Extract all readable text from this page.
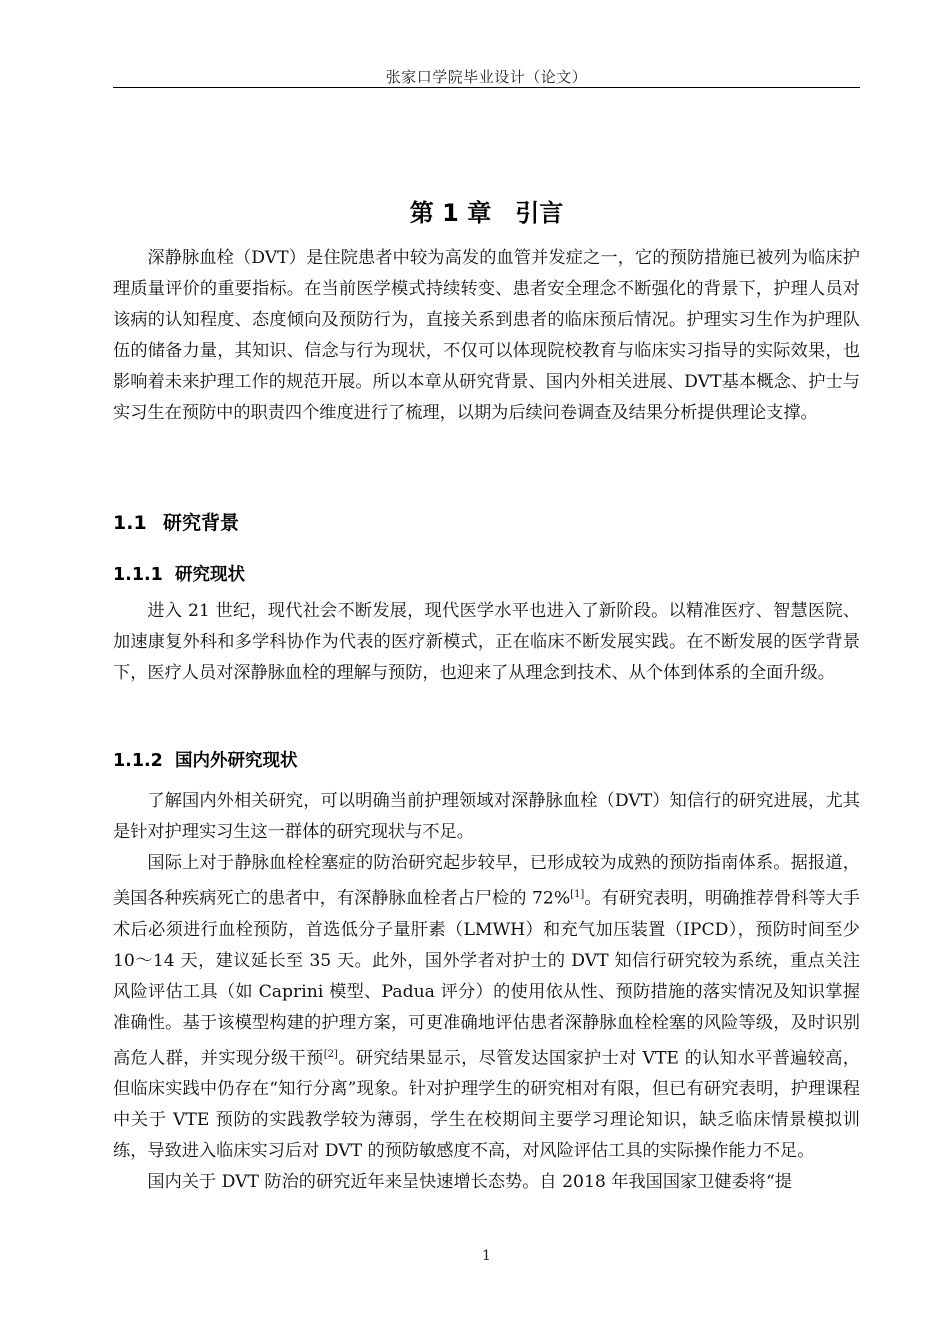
张家口学院毕业设计（论文）
第 1 章　引言

深静脉血栓（DVT）是住院患者中较为高发的血管并发症之一，它的预防措施已被列为临床护理质量评价的重要指标。在当前医学模式持续转变、患者安全理念不断强化的背景下，护理人员对该病的认知程度、态度倾向及预防行为，直接关系到患者的临床预后情况。护理实习生作为护理队伍的储备力量，其知识、信念与行为现状，不仅可以体现院校教育与临床实习指导的实际效果，也影响着未来护理工作的规范开展。所以本章从研究背景、国内外相关进展、DVT基本概念、护士与实习生在预防中的职责四个维度进行了梳理，以期为后续问卷调查及结果分析提供理论支撑。

1.1 研究背景
1.1.1 研究现状

进入 21 世纪，现代社会不断发展，现代医学水平也进入了新阶段。以精准医疗、智慧医院、加速康复外科和多学科协作为代表的医疗新模式，正在临床不断发展实践。在不断发展的医学背景下，医疗人员对深静脉血栓的理解与预防，也迎来了从理念到技术、从个体到体系的全面升级。

1.1.2 国内外研究现状

了解国内外相关研究，可以明确当前护理领域对深静脉血栓（DVT）知信行的研究进展，尤其是针对护理实习生这一群体的研究现状与不足。

国际上对于静脉血栓栓塞症的防治研究起步较早，已形成较为成熟的预防指南体系。据报道，美国各种疾病死亡的患者中，有深静脉血栓者占尸检的 72%[1]。有研究表明，明确推荐骨科等大手术后必须进行血栓预防，首选低分子量肝素（LMWH）和充气加压装置（IPCD），预防时间至少 10～14 天，建议延长至 35 天。此外，国外学者对护士的 DVT 知信行研究较为系统，重点关注风险评估工具（如 Caprini 模型、Padua 评分）的使用依从性、预防措施的落实情况及知识掌握准确性。基于该模型构建的护理方案，可更准确地评估患者深静脉血栓栓塞的风险等级，及时识别高危人群，并实现分级干预[2]。研究结果显示，尽管发达国家护士对 VTE 的认知水平普遍较高，但临床实践中仍存在“知行分离”现象。针对护理学生的研究相对有限，但已有研究表明，护理课程中关于 VTE 预防的实践教学较为薄弱，学生在校期间主要学习理论知识，缺乏临床情景模拟训练，导致进入临床实习后对 DVT 的预防敏感度不高，对风险评估工具的实际操作能力不足。

国内关于 DVT 防治的研究近年来呈快速增长态势。自 2018 年我国国家卫健委将“提

1
